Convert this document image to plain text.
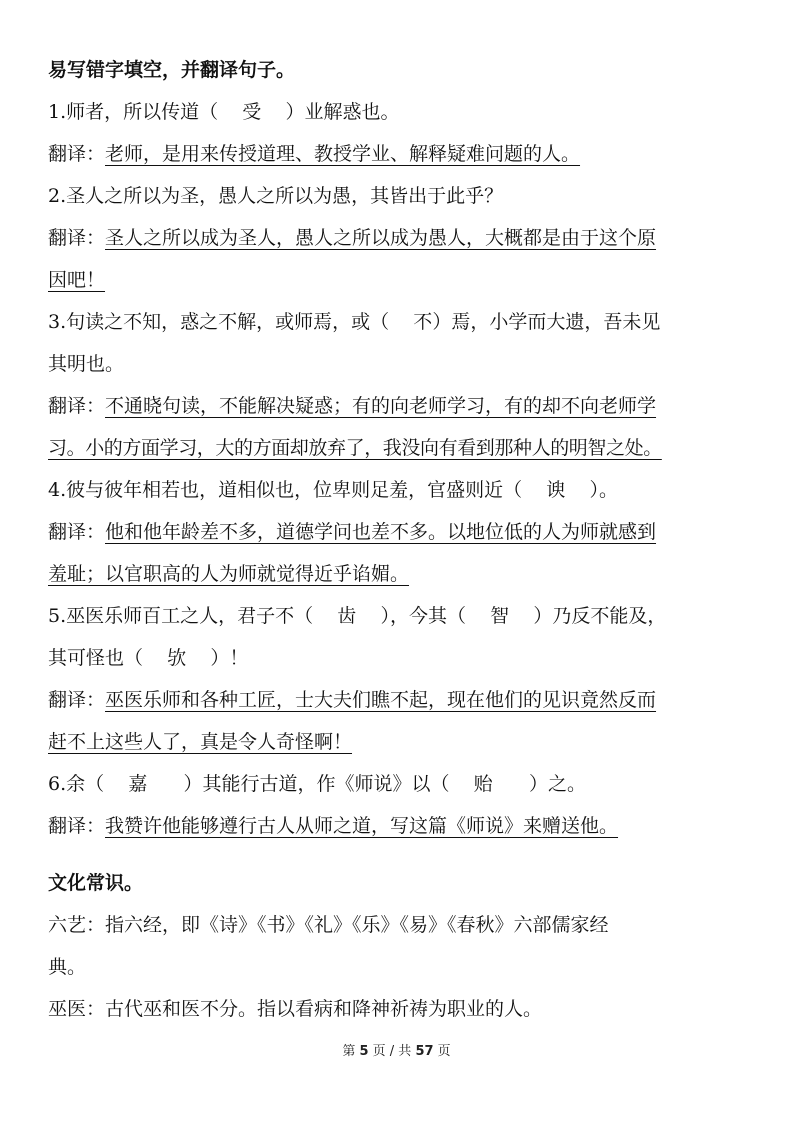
易写错字填空，并翻译句子。
1.师者，所以传道（    受    ）业解惑也。
翻译：老师，是用来传授道理、教授学业、解释疑难问题的人。
2.圣人之所以为圣，愚人之所以为愚，其皆出于此乎？
翻译：圣人之所以成为圣人，愚人之所以成为愚人，大概都是由于这个原
因吧！
3.句读之不知，惑之不解，或师焉，或（    不）焉，小学而大遗，吾未见
其明也。
翻译：不通晓句读，不能解决疑惑；有的向老师学习，有的却不向老师学
习。小的方面学习，大的方面却放弃了，我没向有看到那种人的明智之处。
4.彼与彼年相若也，道相似也，位卑则足羞，官盛则近（    谀    ）。
翻译：他和他年龄差不多，道德学问也差不多。以地位低的人为师就感到
羞耻；以官职高的人为师就觉得近乎谄媚。
5.巫医乐师百工之人，君子不（    齿    ），今其（    智    ）乃反不能及，
其可怪也（    欤    ）！
翻译：巫医乐师和各种工匠，士大夫们瞧不起，现在他们的见识竟然反而
赶不上这些人了，真是令人奇怪啊！
6.余（    嘉      ）其能行古道，作《师说》以（    贻      ）之。
翻译：我赞许他能够遵行古人从师之道，写这篇《师说》来赠送他。
文化常识。
六艺：指六经，即《诗》《书》《礼》《乐》《易》《春秋》六部儒家经
典。
巫医：古代巫和医不分。指以看病和降神祈祷为职业的人。
第 5 页 / 共 57 页
